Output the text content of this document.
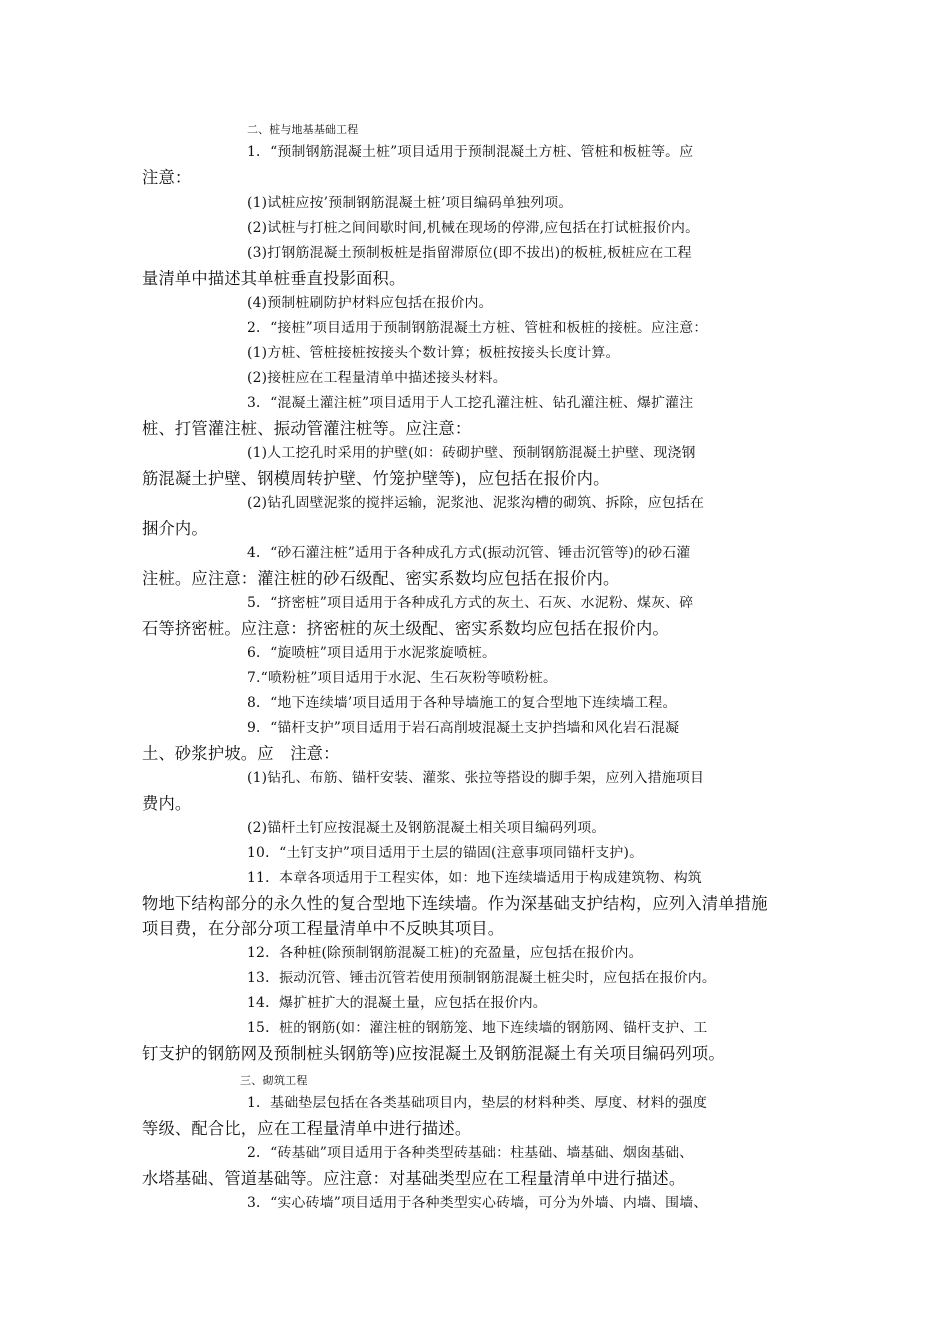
二、桩与地基基础工程
1．“预制钢筋混凝土桩”项目适用于预制混凝土方桩、管桩和板桩等。应
注意：
(1)试桩应按’预制钢筋混凝土桩’项目编码单独列项。
(2)试桩与打桩之间间歇时间,机械在现场的停滞,应包括在打试桩报价内。
(3)打钢筋混凝土预制板桩是指留滞原位(即不拔出)的板桩,板桩应在工程
量清单中描述其单桩垂直投影面积。
(4)预制桩刷防护材料应包括在报价内。
2．“接桩”项目适用于预制钢筋混凝土方桩、管桩和板桩的接桩。应注意：
(1)方桩、管桩接桩按接头个数计算；板桩按接头长度计算。
(2)接桩应在工程量清单中描述接头材料。
3．“混凝土灌注桩”项目适用于人工挖孔灌注桩、钻孔灌注桩、爆扩灌注
桩、打管灌注桩、振动管灌注桩等。应注意：
(1)人工挖孔时采用的护壁(如：砖砌护壁、预制钢筋混凝土护壁、现浇钢
筋混凝土护壁、钢模周转护壁、竹笼护壁等)，应包括在报价内。
(2)钻孔固壁泥浆的搅拌运输，泥浆池、泥浆沟槽的砌筑、拆除，应包括在
捆介内。
4．“砂石灌注桩”适用于各种成孔方式(振动沉管、锤击沉管等)的砂石灌
注桩。应注意：灌注桩的砂石级配、密实系数均应包括在报价内。
5．“挤密桩”项目适用于各种成孔方式的灰土、石灰、水泥粉、煤灰、碎
石等挤密桩。应注意：挤密桩的灰土级配、密实系数均应包括在报价内。
6．“旋喷桩”项目适用于水泥浆旋喷桩。
7.“喷粉桩”项目适用于水泥、生石灰粉等喷粉桩。
8．“地下连续墙’项目适用于各种导墙施工的复合型地下连续墙工程。
9．“锚杆支护”项目适用于岩石高削坡混凝土支护挡墙和风化岩石混凝
土、砂浆护坡。应　注意：
(1)钻孔、布筋、锚杆安装、灌浆、张拉等搭设的脚手架，应列入措施项目
费内。
(2)锚杆土钉应按混凝土及钢筋混凝土相关项目编码列项。
10．“土钉支护”项目适用于土层的锚固(注意事项同锚杆支护)。
11．本章各项适用于工程实体，如：地下连续墙适用于构成建筑物、构筑
物地下结构部分的永久性的复合型地下连续墙。作为深基础支护结构，应列入清单措施
项目费，在分部分项工程量清单中不反映其项目。
12．各种桩(除预制钢筋混凝工桩)的充盈量，应包括在报价内。
13．振动沉管、锤击沉管若使用预制钢筋混凝土桩尖时，应包括在报价内。
14．爆扩桩扩大的混凝土量，应包括在报价内。
15．桩的钢筋(如：灌注桩的钢筋笼、地下连续墙的钢筋网、锚杆支护、工
钉支护的钢筋网及预制桩头钢筋等)应按混凝土及钢筋混凝土有关项目编码列项。
三、砌筑工程
1．基础垫层包括在各类基础项目内，垫层的材料种类、厚度、材料的强度
等级、配合比，应在工程量清单中进行描述。
2．“砖基础”项目适用于各种类型砖基础：柱基础、墙基础、烟囱基础、
水塔基础、管道基础等。应注意：对基础类型应在工程量清单中进行描述。
3．“实心砖墙”项目适用于各种类型实心砖墙，可分为外墙、内墙、围墙、
